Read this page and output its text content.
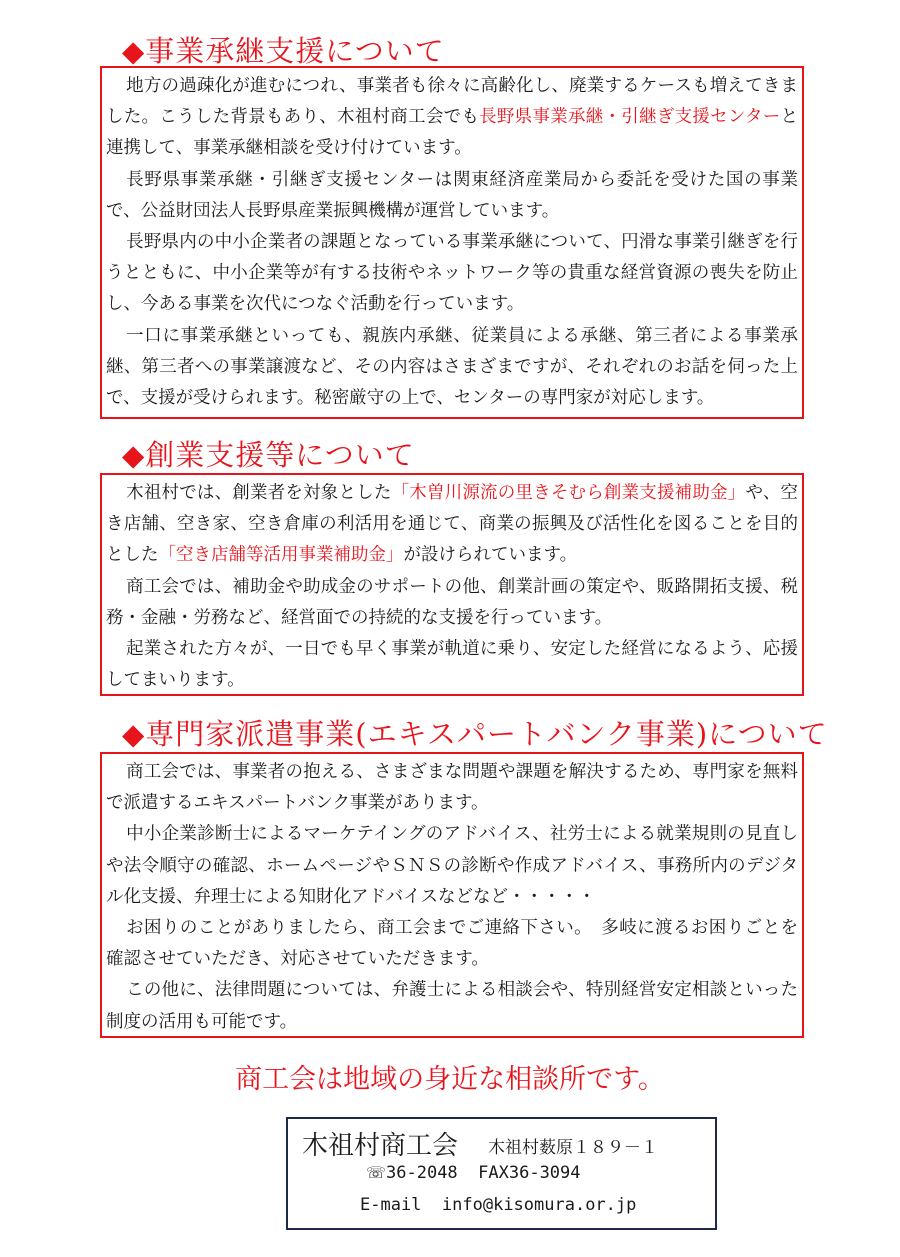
◆事業承継支援について

地方の過疎化が進むにつれ、事業者も徐々に高齢化し、廃業するケースも増えてきました。こうした背景もあり、木祖村商工会でも長野県事業承継・引継ぎ支援センターと連携して、事業承継相談を受け付けています。

長野県事業承継・引継ぎ支援センターは関東経済産業局から委託を受けた国の事業で、公益財団法人長野県産業振興機構が運営しています。

長野県内の中小企業者の課題となっている事業承継について、円滑な事業引継ぎを行うとともに、中小企業等が有する技術やネットワーク等の貴重な経営資源の喪失を防止し、今ある事業を次代につなぐ活動を行っています。

一口に事業承継といっても、親族内承継、従業員による承継、第三者による事業承継、第三者への事業譲渡など、その内容はさまざまですが、それぞれのお話を伺った上で、支援が受けられます。秘密厳守の上で、センターの専門家が対応します。

◆創業支援等について

木祖村では、創業者を対象とした「木曽川源流の里きそむら創業支援補助金」や、空き店舗、空き家、空き倉庫の利活用を通じて、商業の振興及び活性化を図ることを目的とした「空き店舗等活用事業補助金」が設けられています。

商工会では、補助金や助成金のサポートの他、創業計画の策定や、販路開拓支援、税務・金融・労務など、経営面での持続的な支援を行っています。

起業された方々が、一日でも早く事業が軌道に乗り、安定した経営になるよう、応援してまいります。

◆専門家派遣事業(エキスパートバンク事業)について

商工会では、事業者の抱える、さまざまな問題や課題を解決するため、専門家を無料で派遣するエキスパートバンク事業があります。

中小企業診断士によるマーケテイングのアドバイス、社労士による就業規則の見直しや法令順守の確認、ホームページやＳＮＳの診断や作成アドバイス、事務所内のデジタル化支援、弁理士による知財化アドバイスなどなど・・・・・

お困りのことがありましたら、商工会までご連絡下さい。　多岐に渡るお困りごとを確認させていただき、対応させていただきます。

この他に、法律問題については、弁護士による相談会や、特別経営安定相談といった制度の活用も可能です。

商工会は地域の身近な相談所です。
木祖村商工会 木祖村薮原１８９－１
☏36-2048 FAX36-3094
E-mail info@kisomura.or.jp
